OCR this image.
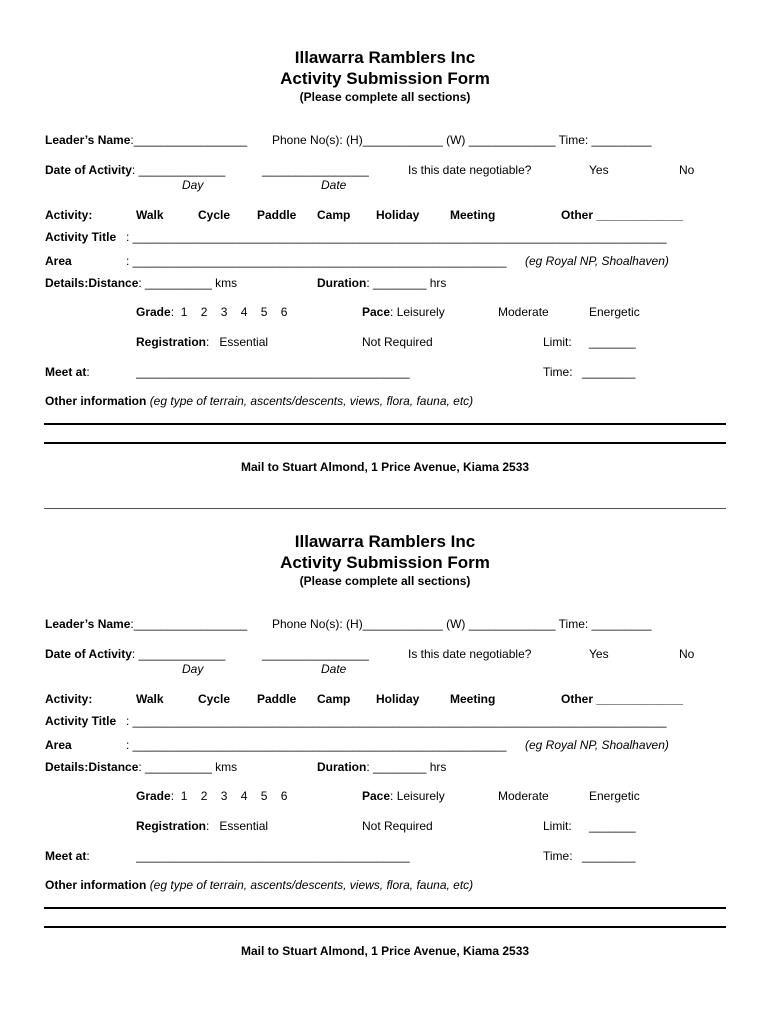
Illawarra Ramblers Inc
Activity Submission Form
(Please complete all sections)
Leader’s Name:_________________ Phone No(s): (H)____________ (W) _____________ Time: _________
Date of Activity: _____________	________________	Is this date negotiable?	Yes	No
Day	Date
Activity:	Walk	Cycle Paddle Camp Holiday	Meeting	Other _____________
Activity Title : ________________________________________________________________________________
Area	: ________________________________________________________	(eg Royal NP, Shoalhaven)
Details:Distance: __________ kms	Duration: ________ hrs
Grade:  1    2    3    4    5    6	Pace: Leisurely	Moderate	Energetic
Registration:   Essential	Not Required	Limit: _______
Meet at:	_________________________________________	Time: ________
Other information (eg type of terrain, ascents/descents, views, flora, fauna, etc)
Mail to Stuart Almond, 1 Price Avenue, Kiama 2533
Illawarra Ramblers Inc
Activity Submission Form
(Please complete all sections)
Leader’s Name:_________________ Phone No(s): (H)____________ (W) _____________ Time: _________
Date of Activity: _____________	________________	Is this date negotiable?	Yes	No
Day	Date
Activity:	Walk	Cycle Paddle Camp Holiday	Meeting	Other _____________
Activity Title : ________________________________________________________________________________
Area	: ________________________________________________________	(eg Royal NP, Shoalhaven)
Details:Distance: __________ kms	Duration: ________ hrs
Grade:  1    2    3    4    5    6	Pace: Leisurely	Moderate	Energetic
Registration:   Essential	Not Required	Limit: _______
Meet at:	_________________________________________	Time: ________
Other information (eg type of terrain, ascents/descents, views, flora, fauna, etc)
Mail to Stuart Almond, 1 Price Avenue, Kiama 2533
